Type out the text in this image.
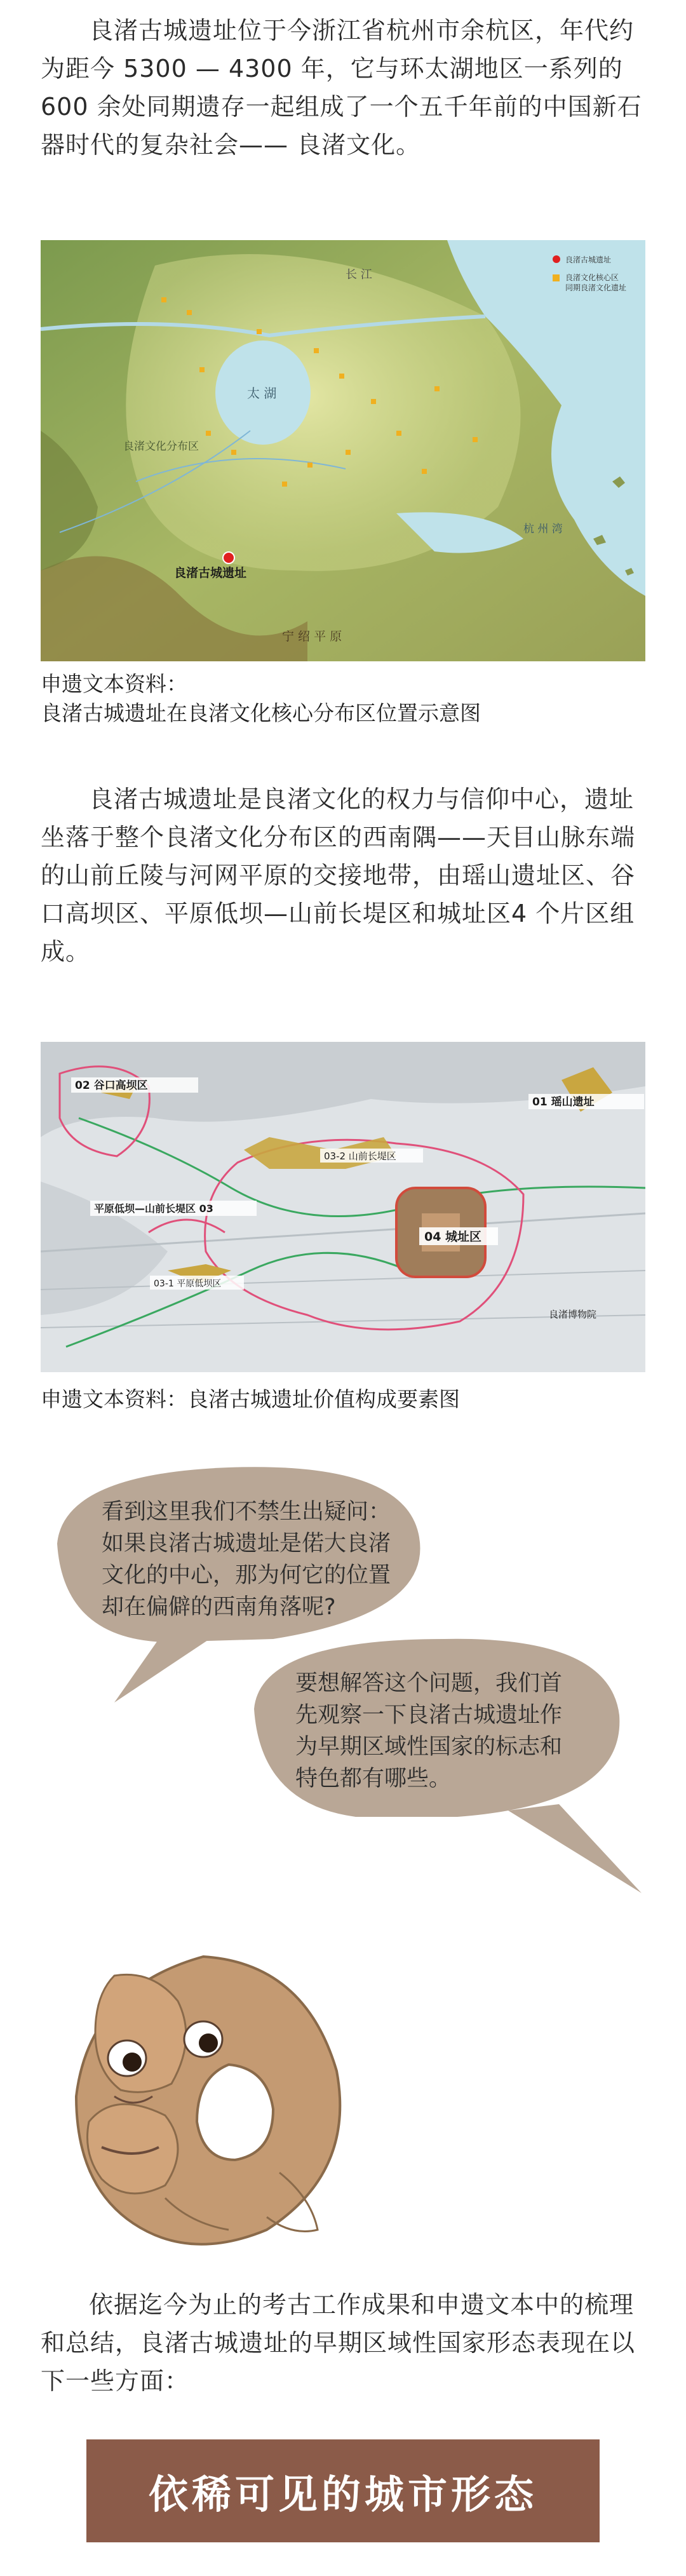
良渚古城遗址位于今浙江省杭州市余杭区，年代约为距今 5300 — 4300 年，它与环太湖地区一系列的 600 余处同期遗存一起组成了一个五千年前的中国新石器时代的复杂社会—— 良渚文化。

长 江
太 湖
良渚文化分布区
良渚古城遗址
杭 州 湾
宁 绍 平 原
良渚古城遗址
良渚文化核心区
同期良渚文化遗址

申遗文本资料：
良渚古城遗址在良渚文化核心分布区位置示意图

良渚古城遗址是良渚文化的权力与信仰中心，遗址坐落于整个良渚文化分布区的西南隅——天目山脉东端的山前丘陵与河网平原的交接地带，由瑶山遗址区、谷口高坝区、平原低坝—山前长堤区和城址区4 个片区组成。

02 谷口高坝区
01 瑶山遗址
03-2 山前长堤区
平原低坝—山前长堤区 03
03-1 平原低坝区
04 城址区
良渚博物院

申遗文本资料：良渚古城遗址价值构成要素图

看到这里我们不禁生出疑问：
如果良渚古城遗址是偌大良渚
文化的中心，那为何它的位置
却在偏僻的西南角落呢?

要想解答这个问题，我们首
先观察一下良渚古城遗址作
为早期区域性国家的标志和
特色都有哪些。

依据迄今为止的考古工作成果和申遗文本中的梳理和总结，良渚古城遗址的早期区域性国家形态表现在以下一些方面：

依稀可见的城市形态
